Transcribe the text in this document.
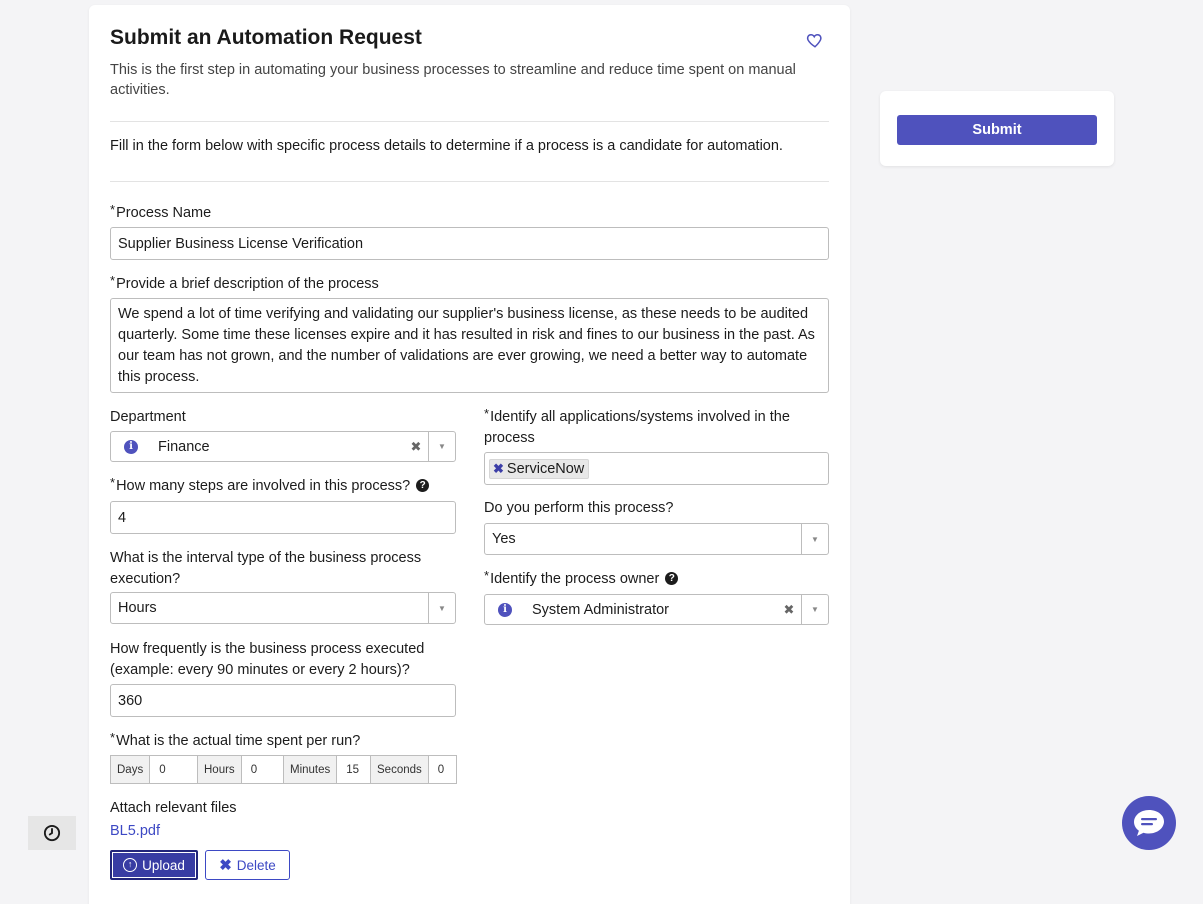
Submit an Automation Request
This is the first step in automating your business processes to streamline and reduce time spent on manual activities.
Fill in the form below with specific process details to determine if a process is a candidate for automation.
*Process Name
Supplier Business License Verification
*Provide a brief description of the process
We spend a lot of time verifying and validating our supplier's business license, as these needs to be audited quarterly. Some time these licenses expire and it has resulted in risk and fines to our business in the past. As our team has not grown, and the number of validations are ever growing, we need a better way to automate this process.
Department
i	Finance	✖	▼
*Identify all applications/systems involved in the process
✖ ServiceNow
*How many steps are involved in this process? ?
4
Do you perform this process?
Yes	▼
What is the interval type of the business process execution?
Hours	▼
*Identify the process owner ?
i	System Administrator	✖	▼
How frequently is the business process executed (example: every 90 minutes or every 2 hours)?
360
*What is the actual time spent per run?
Days	0	Hours	0	Minutes	15	Seconds	0
Attach relevant files
BL5.pdf
↑ Upload ✖ Delete
Submit
